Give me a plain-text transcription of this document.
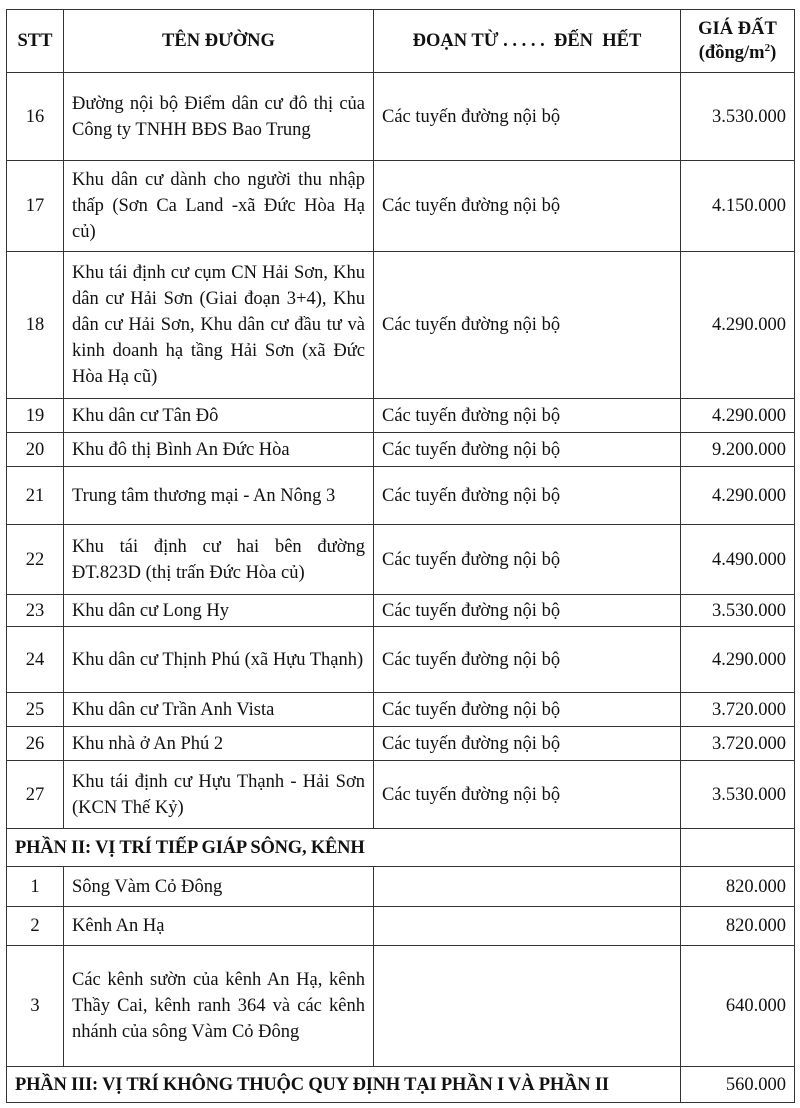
STT	TÊN ĐƯỜNG	ĐOẠN TỪ . . . . .  ĐẾN  HẾT	GIÁ ĐẤT
$(đồng/m^2)$
16	Đường nội bộ Điểm dân cư đô thị của Công ty TNHH BĐS Bao Trung	Các tuyến đường nội bộ	3.530.000
17	Khu dân cư dành cho người thu nhập thấp (Sơn Ca Land -xã Đức Hòa Hạ củ)	Các tuyến đường nội bộ	4.150.000
18	Khu tái định cư cụm CN Hải Sơn, Khu dân cư Hải Sơn (Giai đoạn 3+4), Khu dân cư Hải Sơn, Khu dân cư đầu tư và kinh doanh hạ tầng Hải Sơn (xã Đức Hòa Hạ cũ)	Các tuyến đường nội bộ	4.290.000
19	Khu dân cư Tân Đô	Các tuyến đường nội bộ	4.290.000
20	Khu đô thị Bình An Đức Hòa	Các tuyến đường nội bộ	9.200.000
21	Trung tâm thương mại - An Nông 3	Các tuyến đường nội bộ	4.290.000
22	Khu tái định cư hai bên đường ĐT.823D (thị trấn Đức Hòa củ)	Các tuyến đường nội bộ	4.490.000
23	Khu dân cư Long Hy	Các tuyến đường nội bộ	3.530.000
24	Khu dân cư Thịnh Phú (xã Hựu Thạnh)	Các tuyến đường nội bộ	4.290.000
25	Khu dân cư Trần Anh Vista	Các tuyến đường nội bộ	3.720.000
26	Khu nhà ở An Phú 2	Các tuyến đường nội bộ	3.720.000
27	Khu tái định cư Hựu Thạnh - Hải Sơn (KCN Thế Kỷ)	Các tuyến đường nội bộ	3.530.000
PHẦN II: VỊ TRÍ TIẾP GIÁP SÔNG, KÊNH			
1	Sông Vàm Cỏ Đông		820.000
2	Kênh An Hạ		820.000
3	Các kênh sườn của kênh An Hạ, kênh Thầy Cai, kênh ranh 364 và các kênh nhánh của sông Vàm Cỏ Đông		640.000
PHẦN III: VỊ TRÍ KHÔNG THUỘC QUY ĐỊNH TẠI PHẦN I VÀ PHẦN II			560.000
